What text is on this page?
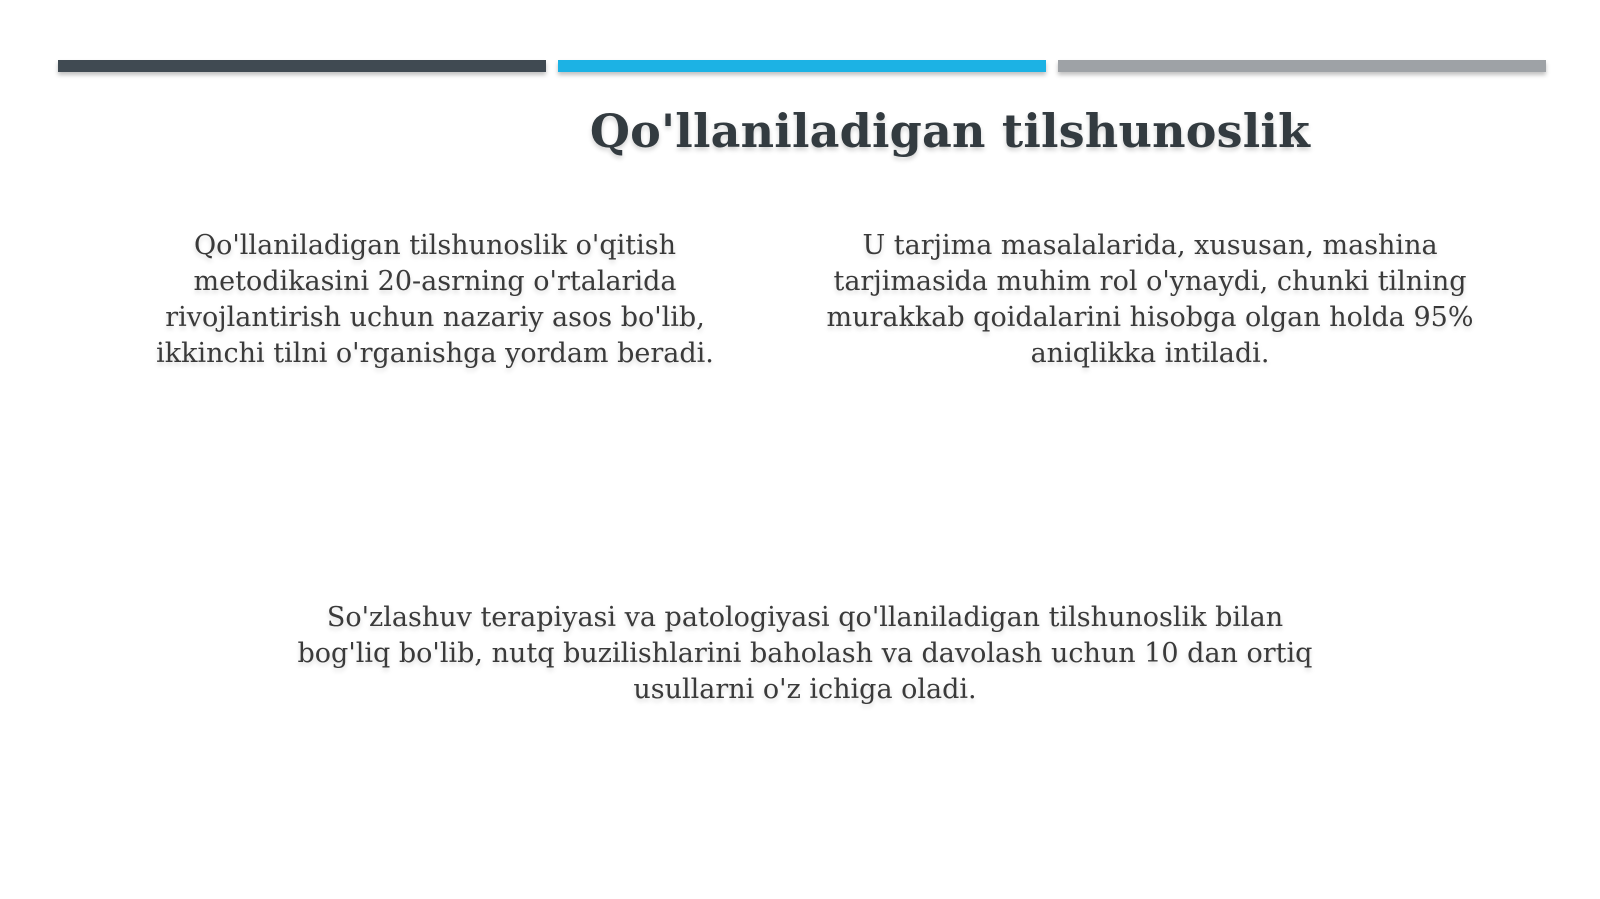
Qo'llaniladigan tilshunoslik
Qo'llaniladigan tilshunoslik o'qitish metodikasini 20-asrning o'rtalarida rivojlantirish uchun nazariy asos bo'lib, ikkinchi tilni o'rganishga yordam beradi.
U tarjima masalalarida, xususan, mashina tarjimasida muhim rol o'ynaydi, chunki tilning murakkab qoidalarini hisobga olgan holda 95% aniqlikka intiladi.
So'zlashuv terapiyasi va patologiyasi qo'llaniladigan tilshunoslik bilan bog'liq bo'lib, nutq buzilishlarini baholash va davolash uchun 10 dan ortiq usullarni o'z ichiga oladi.
